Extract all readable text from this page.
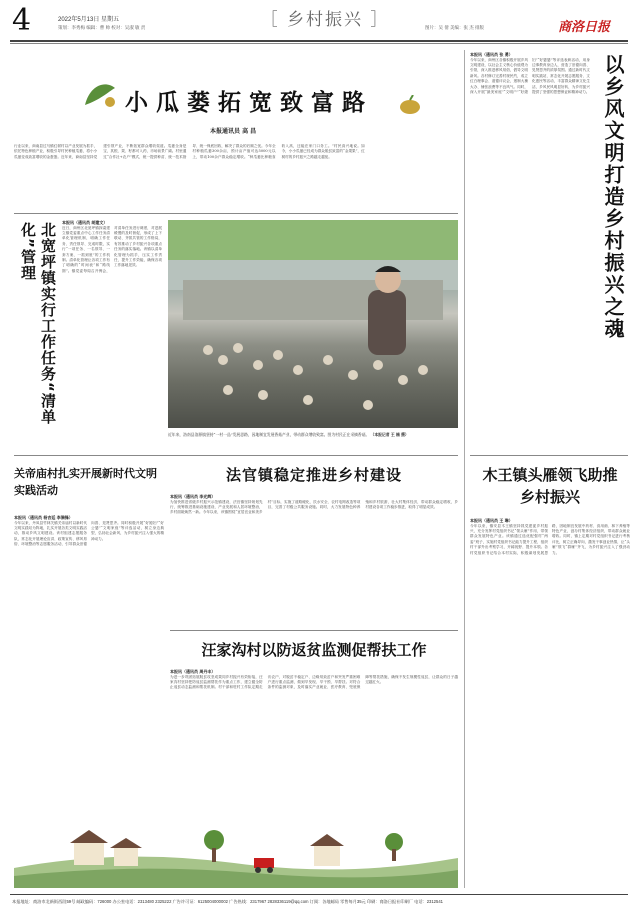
4	2022年5月13日 星期五
策划：李秀梅 编辑：曹 帅 校对：吴淑 敏 责	［ 乡村振兴 ］	图片：吴 倩 美编：张 杰 排版	商洛日报
小 瓜 蒌 拓 宽 致 富 路
本报通讯员 高 昌
行业以来，商南县过马镇红树村以产业发展为抓手，依托特色种植产业，积极引导村民种植瓜蒌，将小小瓜蒌变成致富增收的金蛋蛋。近年来，商南县坚持党建引领产业，不断拓宽群众增收渠道。瓜蒌全身是宝，其根、果、籽都可入药，市场前景广阔。村里通过“合作社+农户”模式，统一提供种苗、统一技术指导、统一保底回收，解决了群众的后顾之忧。今年全村种植瓜蒌300余亩，预计亩产值可达5000元以上，带动100余户群众稳定增收。“种瓜蒌比种粮食收入高，还能在家门口务工。”村民高兴地说。如今，小小瓜蒌已经成为群众脱贫致富的“金果果”，红树村的乡村振兴之路越走越宽。
北宽坪镇实行工作任务“清单化”管理	本报讯（通讯员 胡建文）
近日，商州区北宽坪镇探索建立镇党委重点中心工作任务清单化管理机制，明确工作任务、责任领导、完成时限，实行“一项任务、一名领导、一套方案、一抓到底”的工作机制。清单化管理让各项工作有了明确的“时间表”和“路线图”。镇党委每周召开例会，对清单任务进行调度，对进展缓慢的及时督促，形成了上下联动、齐抓共管的工作格局，有效推动了乡村振兴各项重点任务的落实落地。该镇以清单化管理为抓手，压实工作责任，提升工作效能，确保各项工作落地见效。
近年来，洛南县洛源镇坚持“一村一品”发展思路，因地制宜发展香菇产业，带动群众增收致富。图为村民正在采摘香菇。 （本报记者 王 楠 摄）
关帝庙村扎实开展新时代文明实践活动
本报讯（通讯员 杨吉廷 李满锋）
今年以来，丹凤县竹林关镇关帝庙村以新时代文明实践站为阵地，扎实开展各类文明实践活动，推动乡风文明建设。该村组建志愿服务队，常态化开展理论宣讲、政策宣传、移风易俗、环境整治等志愿服务活动，引导群众崇德向善、见贤思齐。同时积极开展“好媳妇”“好公婆”“文明家庭”等评选活动，树立身边典型，弘扬社会新风，为乡村振兴注入强大的精神动力。
法官镇稳定推进乡村建设
本报讯（通讯员 李光辉）
为加快推进省级乡村振兴示范镇建设，法官镇坚持规划先行，统筹推进基础设施建设、产业发展和人居环境整治，乡村面貌焕然一新。今年以来，该镇围绕“宜居宜业和美乡村”目标，实施了道路硬化、饮水安全、农村电网改造等项目，完善了村级公共服务设施。同时，大力发展特色种养殖和乡村旅游，壮大村集体经济，带动群众稳定增收，乡村建设各项工作稳步推进，取得了明显成效。
汪家沟村以防返贫监测促帮扶工作
本报讯（通讯员 周丹丰）
为进一步巩固拓展脱贫攻坚成果同乡村振兴有效衔接，汪家沟村坚持把防返贫监测帮扶作为重点工作，建立健全防止返贫动态监测和帮扶机制。村干部和驻村工作队定期走访农户，对脱贫不稳定户、边缘易致贫户和突发严重困难户进行重点监测，做到早发现、早干预、早帮扶。对符合条件的监测对象，及时落实产业就业、医疗教育、兜底保障等帮扶措施，确保不发生规模性返贫，让群众的日子越过越红火。
以乡风文明打造乡村振兴之魂
本报讯（通讯员 张 勇）
今年以来，商州区各镇积极开展乡风文明建设，以社会主义核心价值观为引领，深入推进移风易俗，倡导文明新风。各村修订完善村规民约，成立红白理事会、道德评议会，遏制大操大办、铺张浪费等不良风气。同时，深入开展“最美家庭”“文明户”“好媳妇”“好婆婆”等评选表彰活动，用身边事教育身边人，营造了崇德向善、见贤思齐的浓厚氛围。通过新时代文明实践站，常态化开展志愿服务、文化惠民等活动，丰富群众精神文化生活，乡风民风明显好转，为乡村振兴提供了坚强的思想保证和精神动力。
木王镇头雁领飞助推乡村振兴
本报讯（通讯员 王 琳）
今年以来，镇安县木王镇坚持抓党建促乡村振兴，充分发挥村党组织书记“领头雁”作用，带领群众发展特色产业。该镇通过选优配强村“两委”班子，实施村党组织书记能力提升工程，组织村干部外出考察学习，开阔视野、提升本领。各村党组织书记结合本村实际，积极谋划发展思路，因地制宜发展中药材、食用菌、林下养殖等特色产业，创办村集体经济组织，带动群众就业增收。同时，镇上定期对村党组织书记进行考核评比，树立正确导向，激发干事创业热情，让“头雁”领飞“群雁”齐飞，为乡村振兴注入了强劲动力。
本报地址：商洛市北新街西段59号 邮政编码：726000 办公室电话：2313480 2325222 广告许可证：6125004000002 广告热线：2317967 2828336119@qq.com 订阅：各地邮局 零售每月35元 印刷：商洛日报社印刷厂 电话：2312541
